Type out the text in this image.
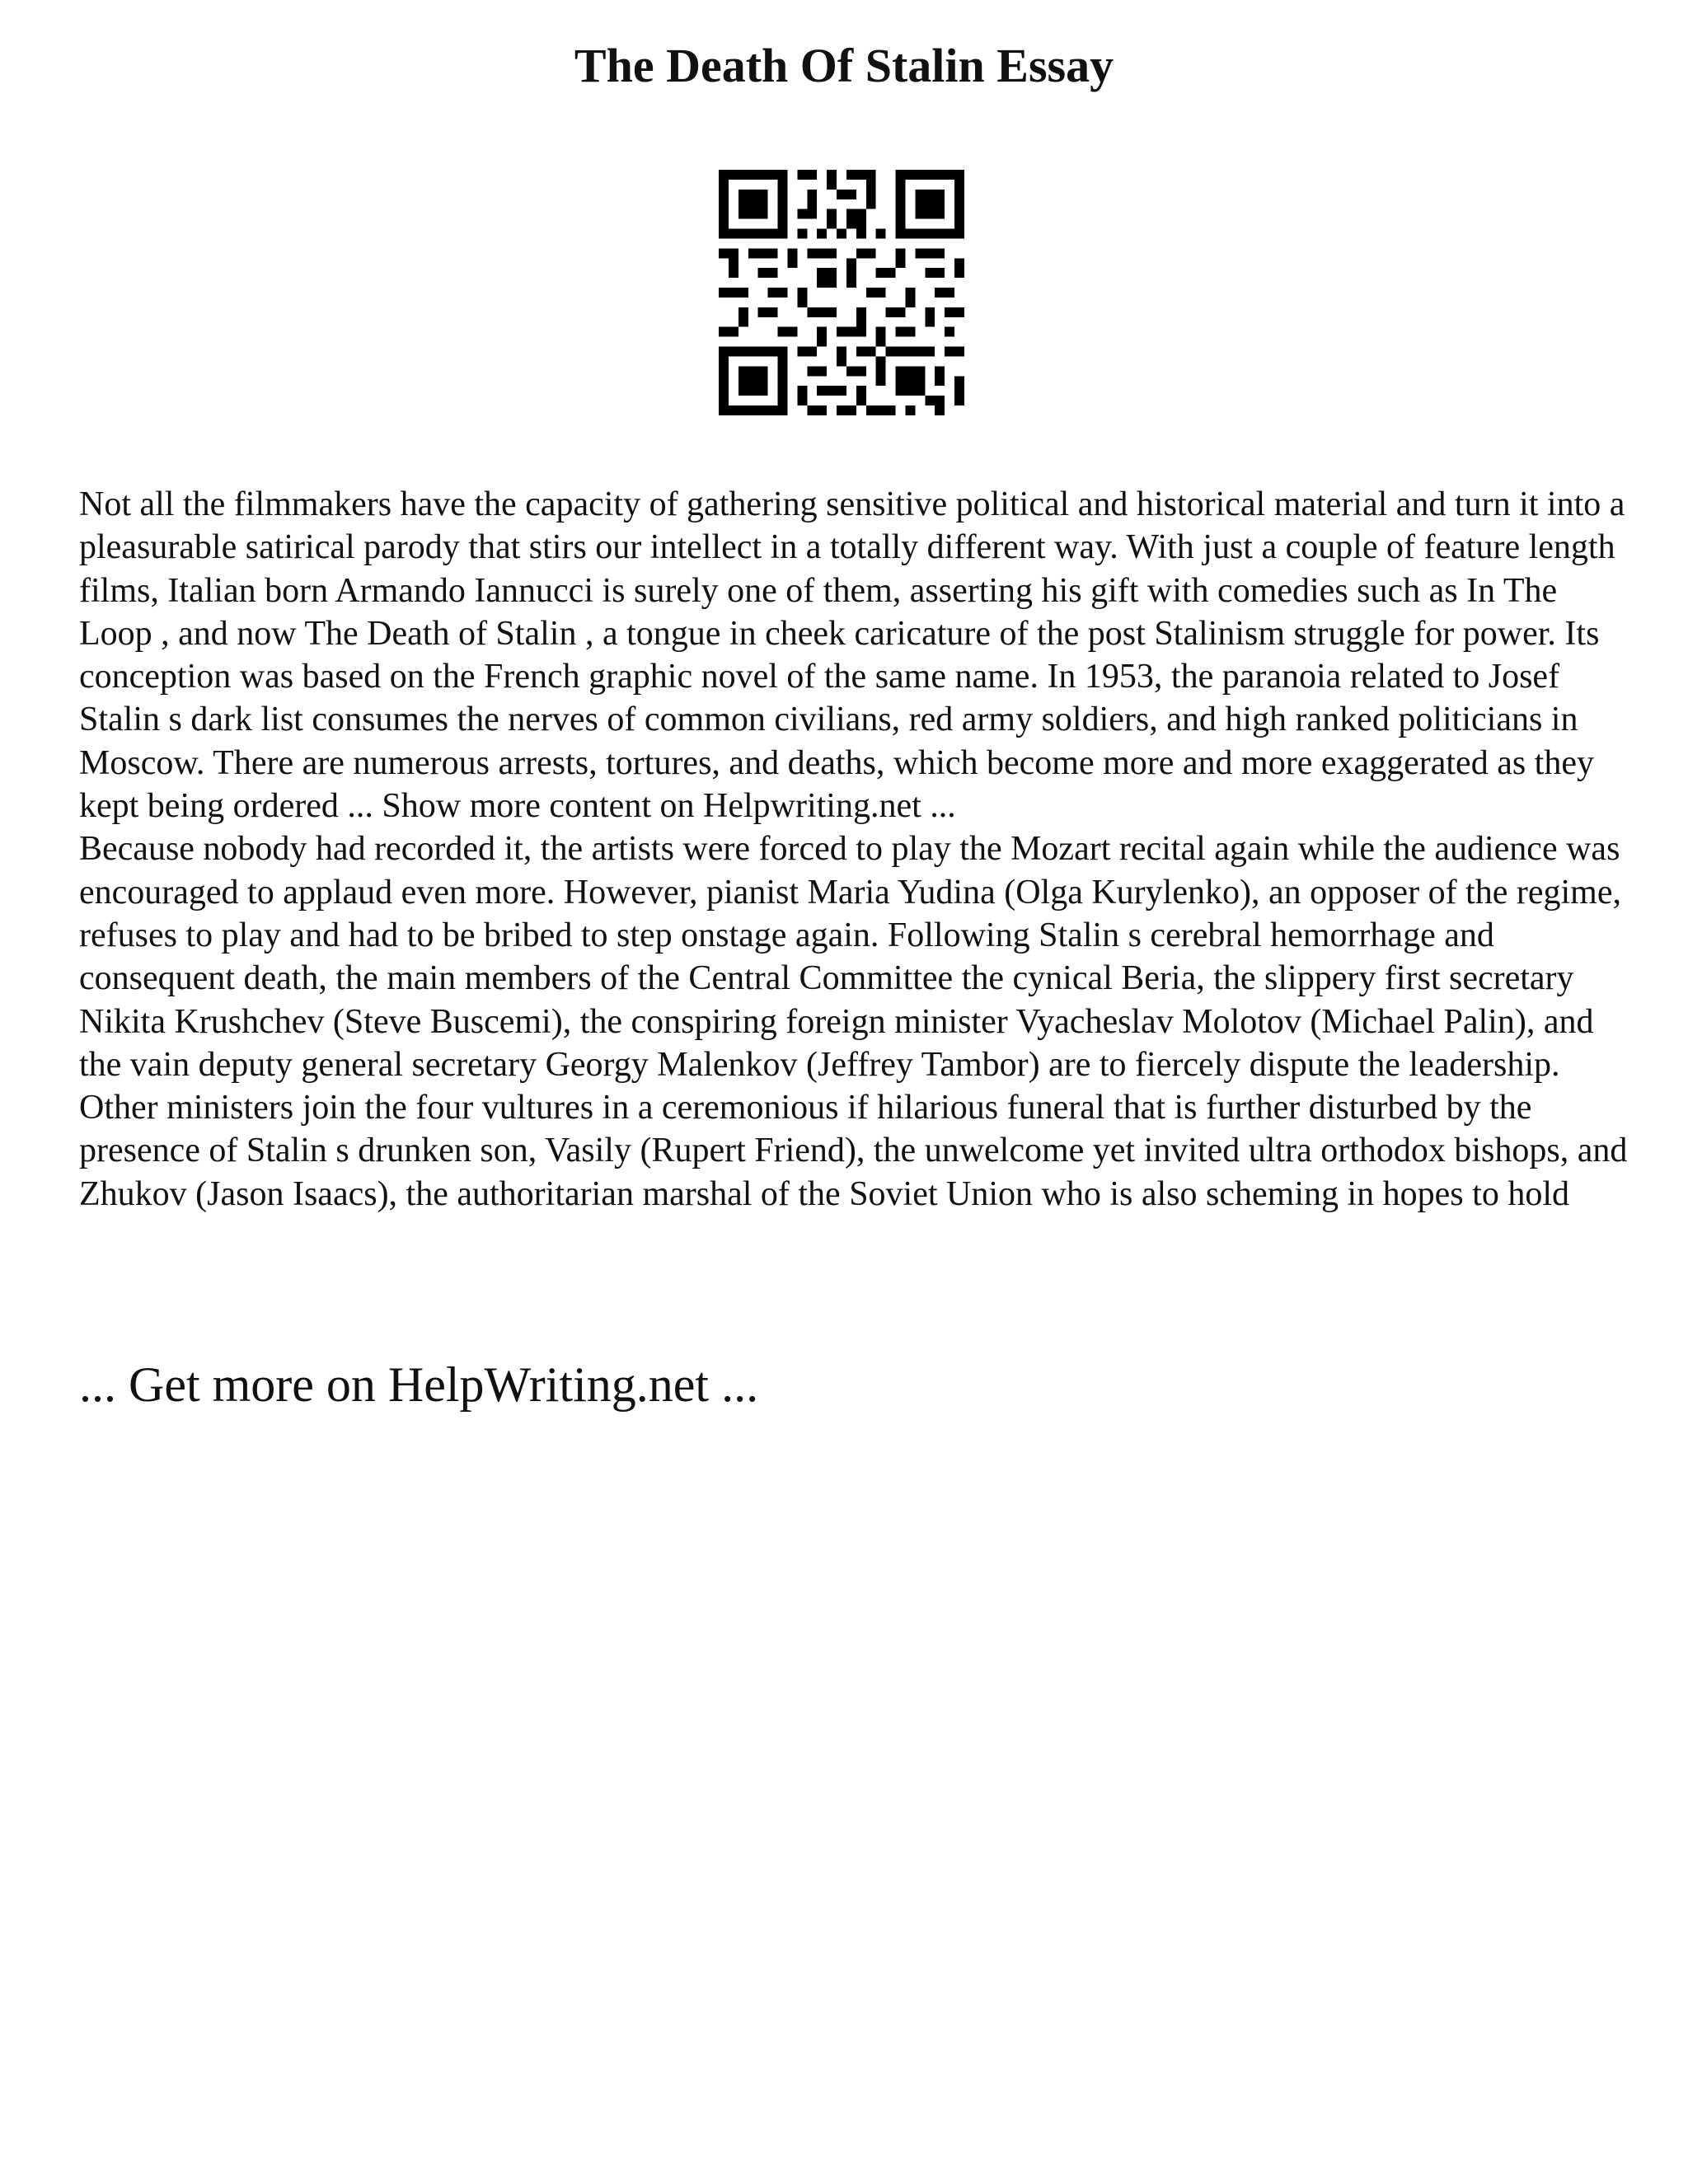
The Death Of Stalin Essay

Not all the filmmakers have the capacity of gathering sensitive political and historical material and turn it into a pleasurable satirical parody that stirs our intellect in a totally different way. With just a couple of feature length films, Italian born Armando Iannucci is surely one of them, asserting his gift with comedies such as In The Loop , and now The Death of Stalin , a tongue in cheek caricature of the post Stalinism struggle for power. Its conception was based on the French graphic novel of the same name. In 1953, the paranoia related to Josef Stalin s dark list consumes the nerves of common civilians, red army soldiers, and high ranked politicians in Moscow. There are numerous arrests, tortures, and deaths, which become more and more exaggerated as they kept being ordered ... Show more content on Helpwriting.net ...

Because nobody had recorded it, the artists were forced to play the Mozart recital again while the audience was encouraged to applaud even more. However, pianist Maria Yudina (Olga Kurylenko), an opposer of the regime, refuses to play and had to be bribed to step onstage again. Following Stalin s cerebral hemorrhage and consequent death, the main members of the Central Committee the cynical Beria, the slippery first secretary Nikita Krushchev (Steve Buscemi), the conspiring foreign minister Vyacheslav Molotov (Michael Palin), and the vain deputy general secretary Georgy Malenkov (Jeffrey Tambor) are to fiercely dispute the leadership. Other ministers join the four vultures in a ceremonious if hilarious funeral that is further disturbed by the presence of Stalin s drunken son, Vasily (Rupert Friend), the unwelcome yet invited ultra orthodox bishops, and Zhukov (Jason Isaacs), the authoritarian marshal of the Soviet Union who is also scheming in hopes to hold

... Get more on HelpWriting.net ...
